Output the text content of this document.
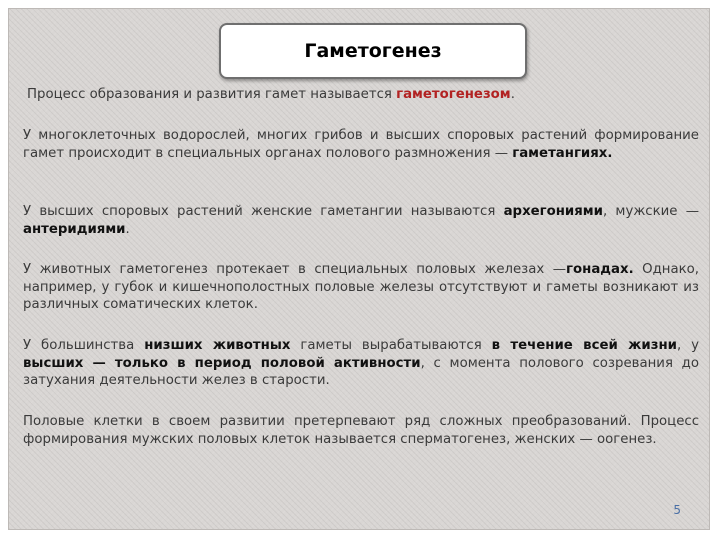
Гаметогенез

Процесс образования и развития гамет называется гаметогенезом.

У многоклеточных водорослей, многих грибов и высших споровых растений формирование гамет происходит в специальных органах полового размножения — гаметангиях.

У высших споровых растений женские гаметангии называются архегониями, мужские — антеридиями.

У животных гаметогенез протекает в специальных половых железах —гонадах. Однако, например, у губок и кишечнополостных половые железы отсутствуют и гаметы возникают из различных соматических клеток.

У большинства низших животных гаметы вырабатываются в течение всей жизни, у высших — только в период половой активности, с момента полового созревания до затухания деятельности желез в старости.

Половые клетки в своем развитии претерпевают ряд сложных преобразований. Процесс формирования мужских половых клеток называется сперматогенез, женских — оогенез.

5
